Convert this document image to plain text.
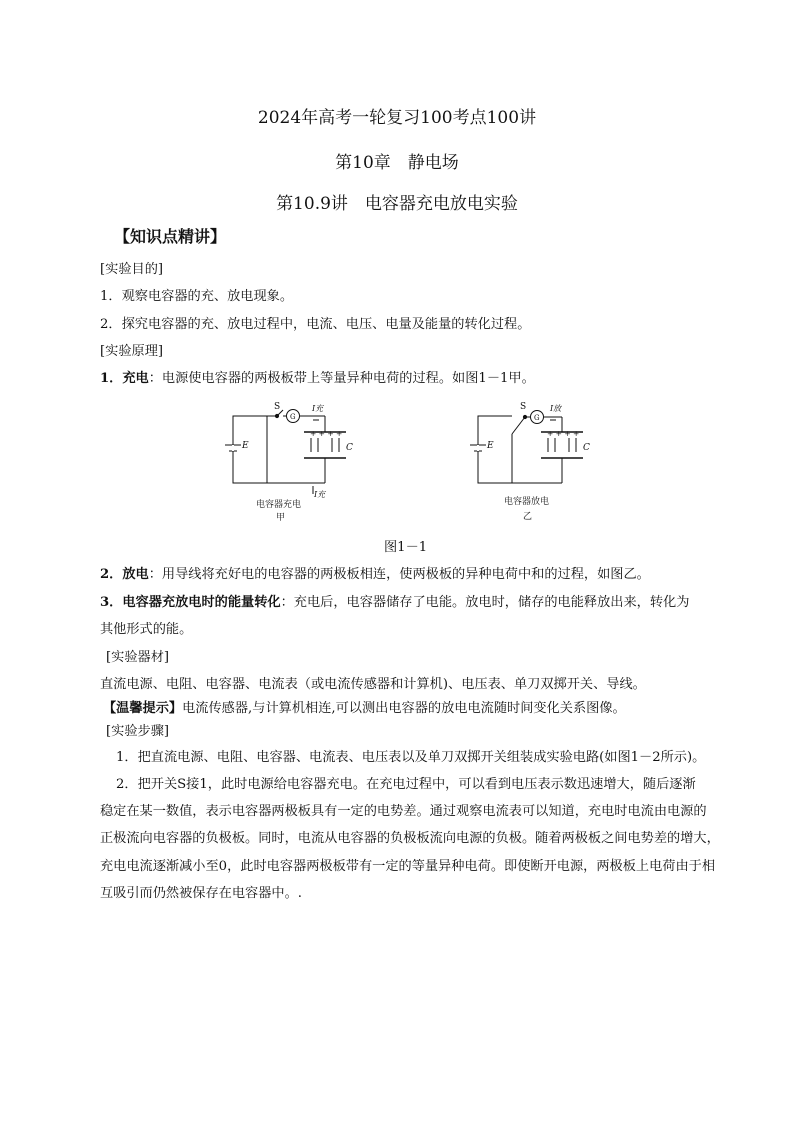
2024年高考一轮复习100考点100讲
第10章　静电场
第10.9讲　电容器充电放电实验
【知识点精讲】
[实验目的]
1．观察电容器的充、放电现象。
2．探究电容器的充、放电过程中，电流、电压、电量及能量的转化过程。
[实验原理]
1．充电：电源使电容器的两极板带上等量异种电荷的过程。如图1－1甲。
+ + + +
- - - -
+ + + +
- - - -
S
G
E	C
I充
I充
电容器充电
甲
S
G
E	C
I放
电容器放电
乙
图1－1
2．放电：用导线将充好电的电容器的两极板相连，使两极板的异种电荷中和的过程，如图乙。
3．电容器充放电时的能量转化：充电后，电容器储存了电能。放电时，储存的电能释放出来，转化为
其他形式的能。
[实验器材]
直流电源、电阻、电容器、电流表（或电流传感器和计算机)、电压表、单刀双掷开关、导线。
【温馨提示】电流传感器,与计算机相连,可以测出电容器的放电电流随时间变化关系图像。
[实验步骤]
1．把直流电源、电阻、电容器、电流表、电压表以及单刀双掷开关组装成实验电路(如图1－2所示)。
2．把开关S接1，此时电源给电容器充电。在充电过程中，可以看到电压表示数迅速增大，随后逐渐
稳定在某一数值，表示电容器两极板具有一定的电势差。通过观察电流表可以知道，充电时电流由电源的
正极流向电容器的负极板。同时，电流从电容器的负极板流向电源的负极。随着两极板之间电势差的增大，
充电电流逐渐减小至0，此时电容器两极板带有一定的等量异种电荷。即使断开电源，两极板上电荷由于相
互吸引而仍然被保存在电容器中。.
